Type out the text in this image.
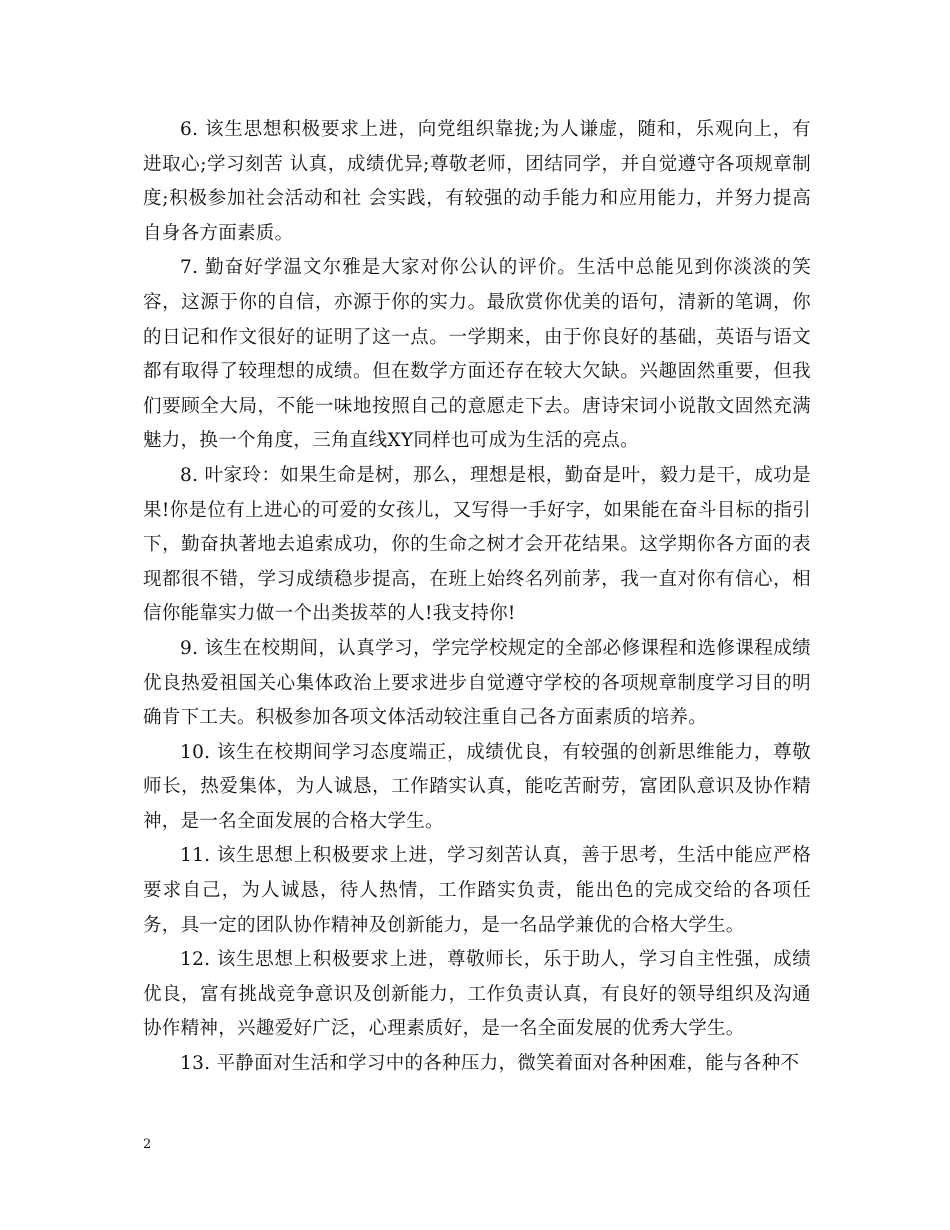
6. 该生思想积极要求上进，向党组织靠拢;为人谦虚，随和，乐观向上，有进取心;学习刻苦 认真，成绩优异;尊敬老师，团结同学，并自觉遵守各项规章制度;积极参加社会活动和社 会实践，有较强的动手能力和应用能力，并努力提高自身各方面素质。

7. 勤奋好学温文尔雅是大家对你公认的评价。生活中总能见到你淡淡的笑容，这源于你的自信，亦源于你的实力。最欣赏你优美的语句，清新的笔调，你的日记和作文很好的证明了这一点。一学期来，由于你良好的基础，英语与语文都有取得了较理想的成绩。但在数学方面还存在较大欠缺。兴趣固然重要，但我们要顾全大局，不能一味地按照自己的意愿走下去。唐诗宋词小说散文固然充满魅力，换一个角度，三角直线XY同样也可成为生活的亮点。

8. 叶家玲：如果生命是树，那么，理想是根，勤奋是叶，毅力是干，成功是果!你是位有上进心的可爱的女孩儿，又写得一手好字，如果能在奋斗目标的指引下，勤奋执著地去追索成功，你的生命之树才会开花结果。这学期你各方面的表现都很不错，学习成绩稳步提高，在班上始终名列前茅，我一直对你有信心，相信你能靠实力做一个出类拔萃的人!我支持你!

9. 该生在校期间，认真学习，学完学校规定的全部必修课程和选修课程成绩优良热爱祖国关心集体政治上要求进步自觉遵守学校的各项规章制度学习目的明确肯下工夫。积极参加各项文体活动较注重自己各方面素质的培养。

10. 该生在校期间学习态度端正，成绩优良，有较强的创新思维能力，尊敬师长，热爱集体，为人诚恳，工作踏实认真，能吃苦耐劳，富团队意识及协作精神，是一名全面发展的合格大学生。

11. 该生思想上积极要求上进，学习刻苦认真，善于思考，生活中能应严格要求自己，为人诚恳，待人热情，工作踏实负责，能出色的完成交给的各项任务，具一定的团队协作精神及创新能力，是一名品学兼优的合格大学生。

12. 该生思想上积极要求上进，尊敬师长，乐于助人，学习自主性强，成绩优良，富有挑战竞争意识及创新能力，工作负责认真，有良好的领导组织及沟通协作精神，兴趣爱好广泛，心理素质好，是一名全面发展的优秀大学生。

13. 平静面对生活和学习中的各种压力，微笑着面对各种困难，能与各种不

2
